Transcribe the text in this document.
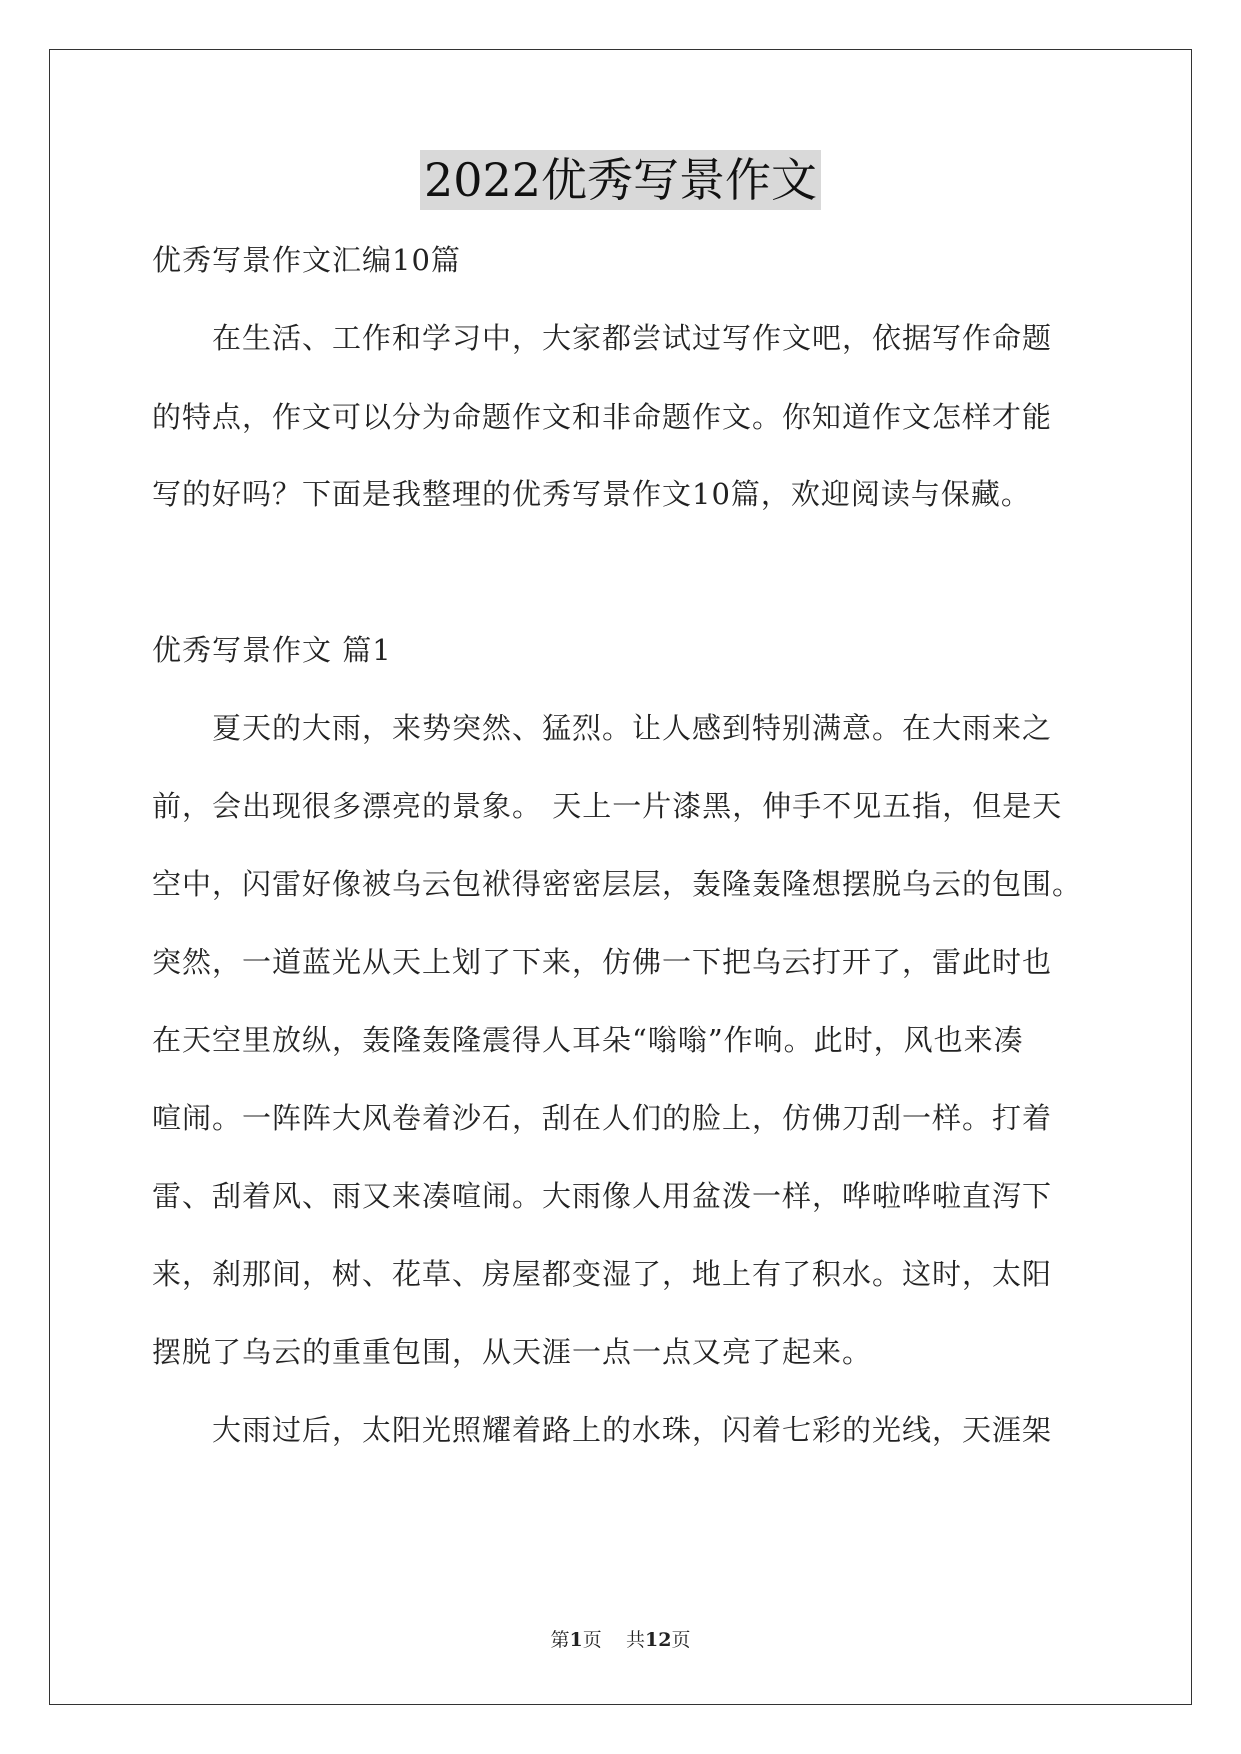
2022优秀写景作文
优秀写景作文汇编10篇
　　在生活、工作和学习中，大家都尝试过写作文吧，依据写作命题
的特点，作文可以分为命题作文和非命题作文。你知道作文怎样才能
写的好吗？下面是我整理的优秀写景作文10篇，欢迎阅读与保藏。
优秀写景作文 篇1
　　夏天的大雨，来势突然、猛烈。让人感到特别满意。在大雨来之
前，会出现很多漂亮的景象。 天上一片漆黑，伸手不见五指，但是天
空中，闪雷好像被乌云包袱得密密层层，轰隆轰隆想摆脱乌云的包围。
突然，一道蓝光从天上划了下来，仿佛一下把乌云打开了，雷此时也
在天空里放纵，轰隆轰隆震得人耳朵“嗡嗡”作响。此时，风也来凑
喧闹。一阵阵大风卷着沙石，刮在人们的脸上，仿佛刀刮一样。打着
雷、刮着风、雨又来凑喧闹。大雨像人用盆泼一样，哗啦哗啦直泻下
来，刹那间，树、花草、房屋都变湿了，地上有了积水。这时，太阳
摆脱了乌云的重重包围，从天涯一点一点又亮了起来。
　　大雨过后，太阳光照耀着路上的水珠，闪着七彩的光线，天涯架
第1页 共12页
